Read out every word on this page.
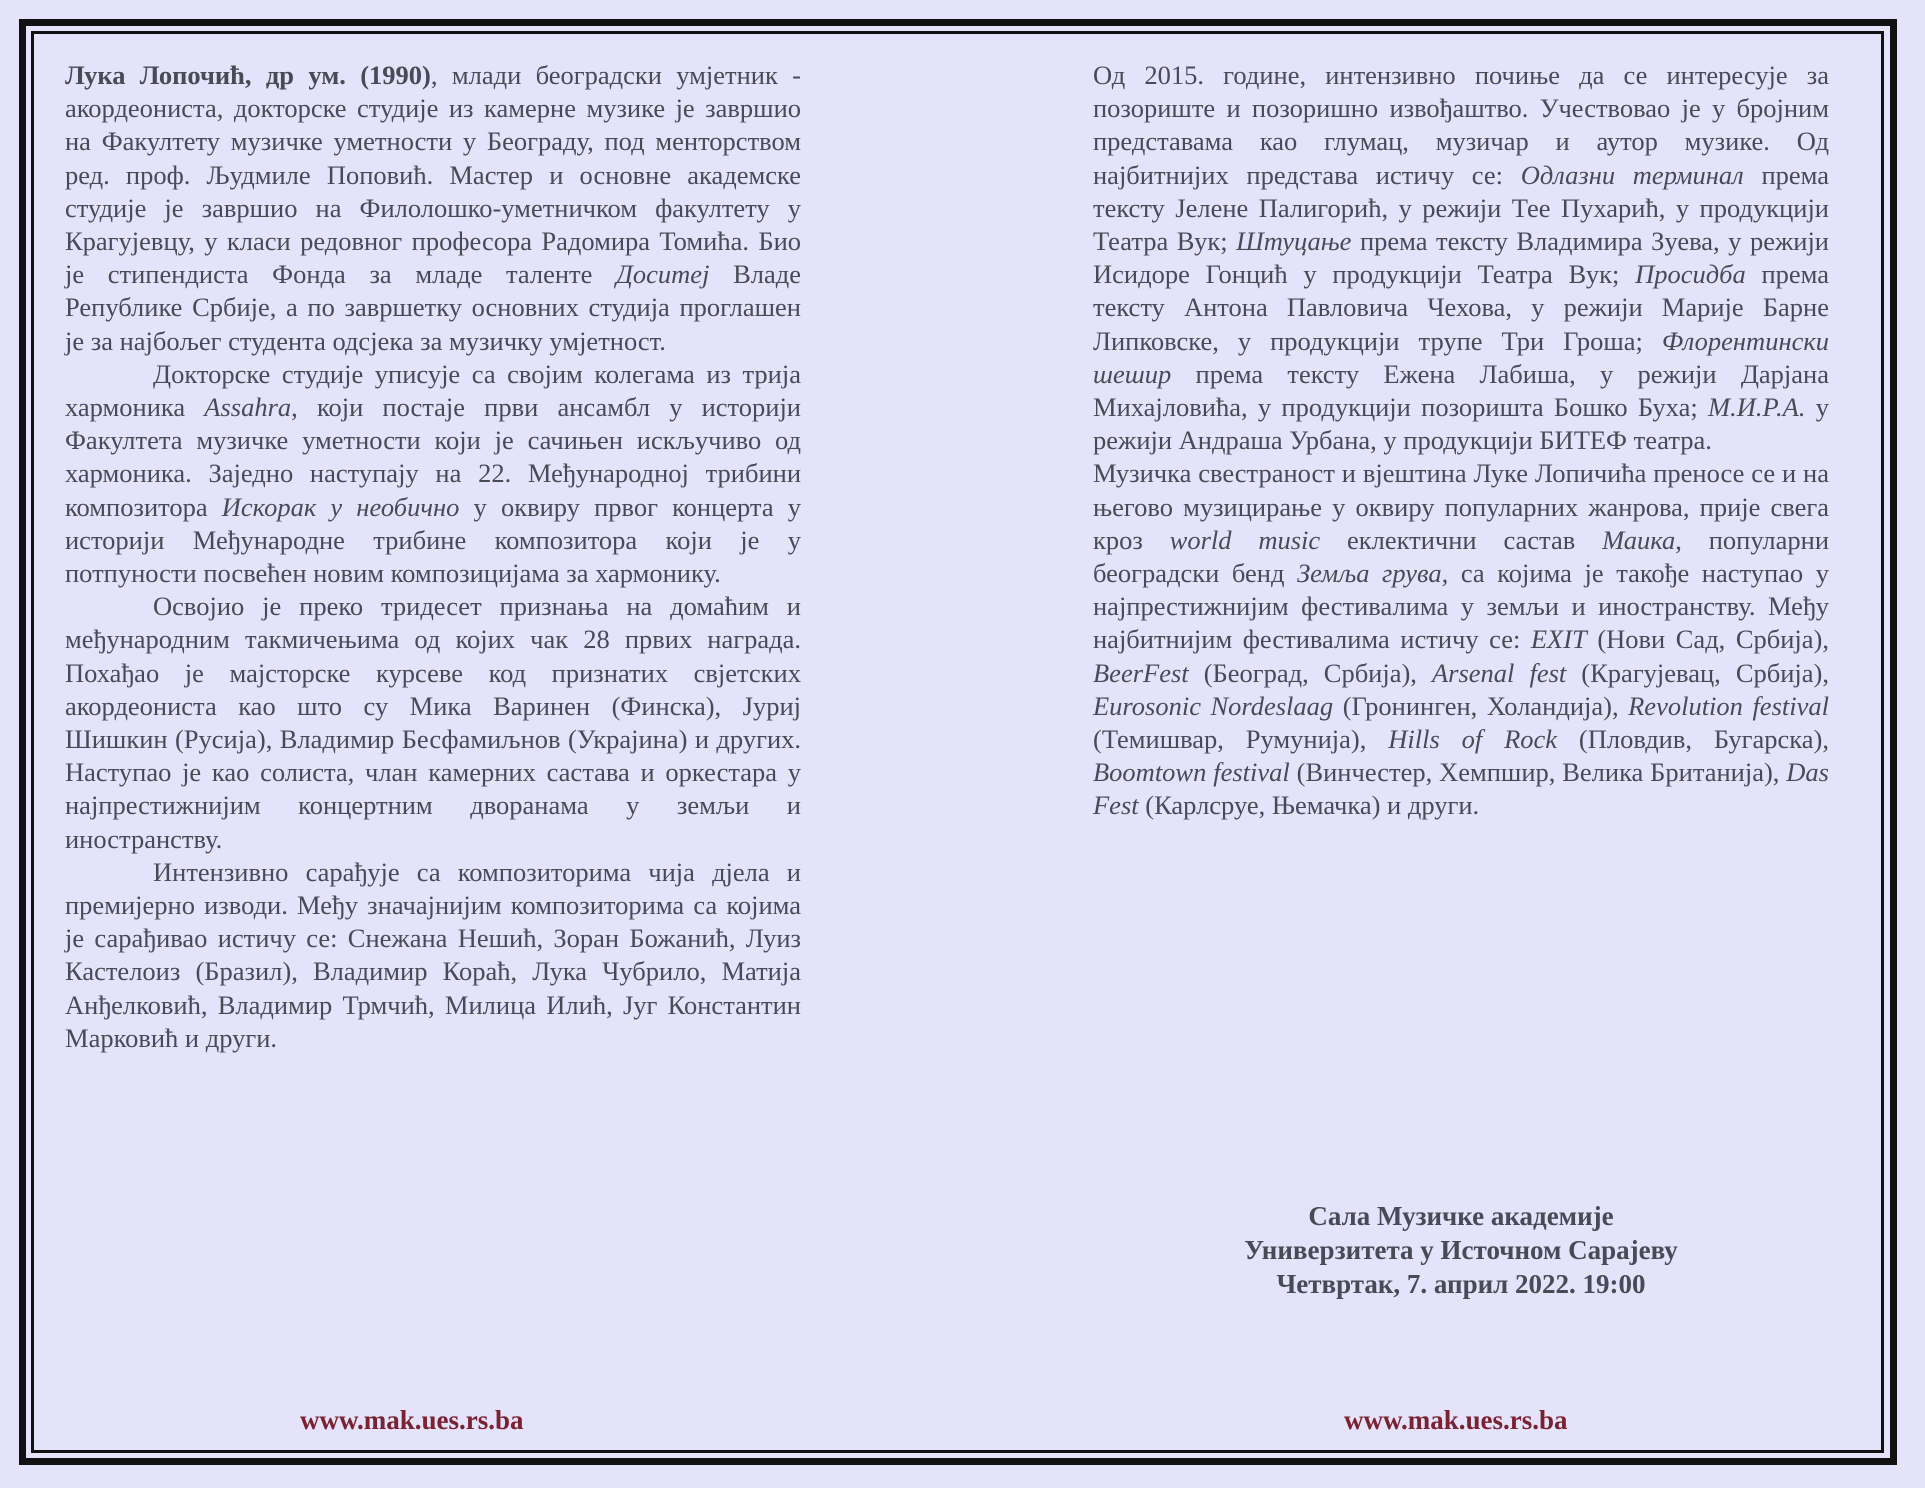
Лука Лопочић, др ум. (1990), млади београдски умјетник - акордеониста, докторске студије из камерне музике је завршио на Факултету музичке уметности у Београду, под менторством ред. проф. Људмиле Поповић. Мастер и основне академске студије је завршио на Филолошко-уметничком факултету у Крагујевцу, у класи редовног професора Радомира Томића. Био је стипендиста Фонда за младе таленте Доситеј Владе Републике Србије, а по завршетку основних студија проглашен је за најбољег студента одсјека за музичку умјетност.

Докторске студије уписује са својим колегама из трија хармоника Assahra, који постаје први ансамбл у историји Факултета музичке уметности који је сачињен искључиво од хармоника. Заједно наступају на 22. Међународној трибини композитора Искорак у необично у оквиру првог концерта у историји Међународне трибине композитора који је у потпуности посвећен новим композицијама за хармонику.

Освојио је преко тридесет признања на домаћим и међународним такмичењима од којих чак 28 првих награда. Похађао је мајсторске курсеве код признатих свјетских акордеониста као што су Мика Варинен (Финска), Јуриј Шишкин (Русија), Владимир Бесфамиљнов (Украјина) и других. Наступао је као солиста, члан камерних састава и оркестара у најпрестижнијим концертним дворанама у земљи и иностранству.

Интензивно сарађује са композиторима чија дјела и премијерно изводи. Међу значајнијим композиторима са којима је сарађивао истичу се: Снежана Нешић, Зоран Божанић, Луиз Кастелоиз (Бразил), Владимир Кораћ, Лука Чубрило, Матија Анђелковић, Владимир Трмчић, Милица Илић, Југ Константин Марковић и други.

Од 2015. године, интензивно почиње да се интересује за позориште и позоришно извођаштво. Учествовао је у бројним представама као глумац, музичар и аутор музике. Од најбитнијих представа истичу се: Одлазни терминал према тексту Јелене Палигорић, у режији Тее Пухарић, у продукцији Театра Вук; Штуцање према тексту Владимира Зуева, у режији Исидоре Гонцић у продукцији Театра Вук; Просидба према тексту Антона Павловича Чехова, у режији Марије Барне Липковске, у продукцији трупе Три Гроша; Флорентински шешир према тексту Ежена Лабиша, у режији Дарјана Михајловића, у продукцији позоришта Бошко Буха; М.И.Р.А. у режији Андраша Урбана, у продукцији БИТЕФ театра.

Музичка свестраност и вјештина Луке Лопичића преносе се и на његово музицирање у оквиру популарних жанрова, прије свега кроз world music еклектични састав Маика, популарни београдски бенд Земља грува, са којима је такође наступао у најпрестижнијим фестивалима у земљи и иностранству. Међу најбитнијим фестивалима истичу се: EXIT (Нови Сад, Србија), BeerFest (Београд, Србија), Arsenal fest (Крагујевац, Србија), Eurosonic Nordeslaag (Гронинген, Холандија), Revolution festival (Темишвар, Румунија), Hills of Rock (Пловдив, Бугарска), Boomtown festival (Винчестер, Хемпшир, Велика Британија), Das Fest (Карлсруе, Њемачка) и други.

Сала Музичке академије
Универзитета у Источном Сарајеву
Четвртак, 7. април 2022. 19:00
www.mak.ues.rs.ba	www.mak.ues.rs.ba
